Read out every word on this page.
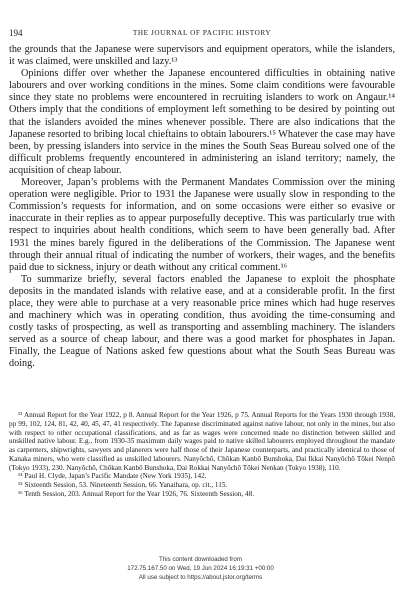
194	THE JOURNAL OF PACIFIC HISTORY

the grounds that the Japanese were supervisors and equipment operators, while the islanders, it was claimed, were unskilled and lazy.¹³

Opinions differ over whether the Japanese encountered difficulties in obtaining native labourers and over working conditions in the mines. Some claim conditions were favourable since they state no problems were encountered in recruiting islanders to work on Angaur.¹⁴ Others imply that the conditions of employment left something to be desired by pointing out that the islanders avoided the mines whenever possible. There are also indications that the Japanese resorted to bribing local chieftains to obtain labourers.¹⁵ Whatever the case may have been, by pressing islanders into service in the mines the South Seas Bureau solved one of the difficult problems frequently encountered in administering an island territory; namely, the acquisition of cheap labour.

Moreover, Japan’s problems with the Permanent Mandates Commission over the mining operation were negligible. Prior to 1931 the Japanese were usually slow in responding to the Commission’s requests for information, and on some occasions were either so evasive or inaccurate in their replies as to appear purposefully deceptive. This was particularly true with respect to inquiries about health conditions, which seem to have been generally bad. After 1931 the mines barely figured in the deliberations of the Commission. The Japanese went through their annual ritual of indicating the number of workers, their wages, and the benefits paid due to sickness, injury or death without any critical comment.¹⁶

To summarize briefly, several factors enabled the Japanese to exploit the phosphate deposits in the mandated islands with relative ease, and at a considerable profit. In the first place, they were able to purchase at a very reasonable price mines which had huge reserves and machinery which was in operating condition, thus avoiding the time-consuming and costly tasks of prospecting, as well as transporting and assembling machinery. The islanders served as a source of cheap labour, and there was a good market for phosphates in Japan. Finally, the League of Nations asked few questions about what the South Seas Bureau was doing.

¹³ Annual Report for the Year 1922, p 8. Annual Report for the Year 1926, p 75. Annual Reports for the Years 1930 through 1938, pp 99, 102, 124, 81, 42, 40, 45, 47, 41 respectively. The Japanese discriminated against native labour, not only in the mines, but also with respect to other occupational classifications, and as far as wages were concerned made no distinction between skilled and unskilled native labour. E.g., from 1930-35 maximum daily wages paid to native skilled labourers employed throughout the mandate as carpenters, shipwrights, sawyers and planerers were half those of their Japanese counterparts, and practically identical to those of Kanaka miners, who were classified as unskilled labourers. Nanyōchō, Chōkan Kanbō Bunshoka, Dai Ikkai Nanyōchō Tōkei Nenpō (Tokyo 1933), 230. Nanyōchō, Chōkan Kanbō Bunshoka, Dai Rokkai Nanyōchō Tōkei Nenkan (Tokyo 1938), 110.

¹⁴ Paul H. Clyde, Japan’s Pacific Mandate (New York 1935), 142.

¹⁵ Sixteenth Session, 53. Nineteenth Session, 66. Yanaihara, op. cit., 115.

¹⁶ Tenth Session, 203. Annual Report for the Year 1926, 76. Sixteenth Session, 48.

This content downloaded from
172.75.167.50 on Wed, 19 Jun 2024 16:19:31 +00:00
All use subject to https://about.jstor.org/terms
